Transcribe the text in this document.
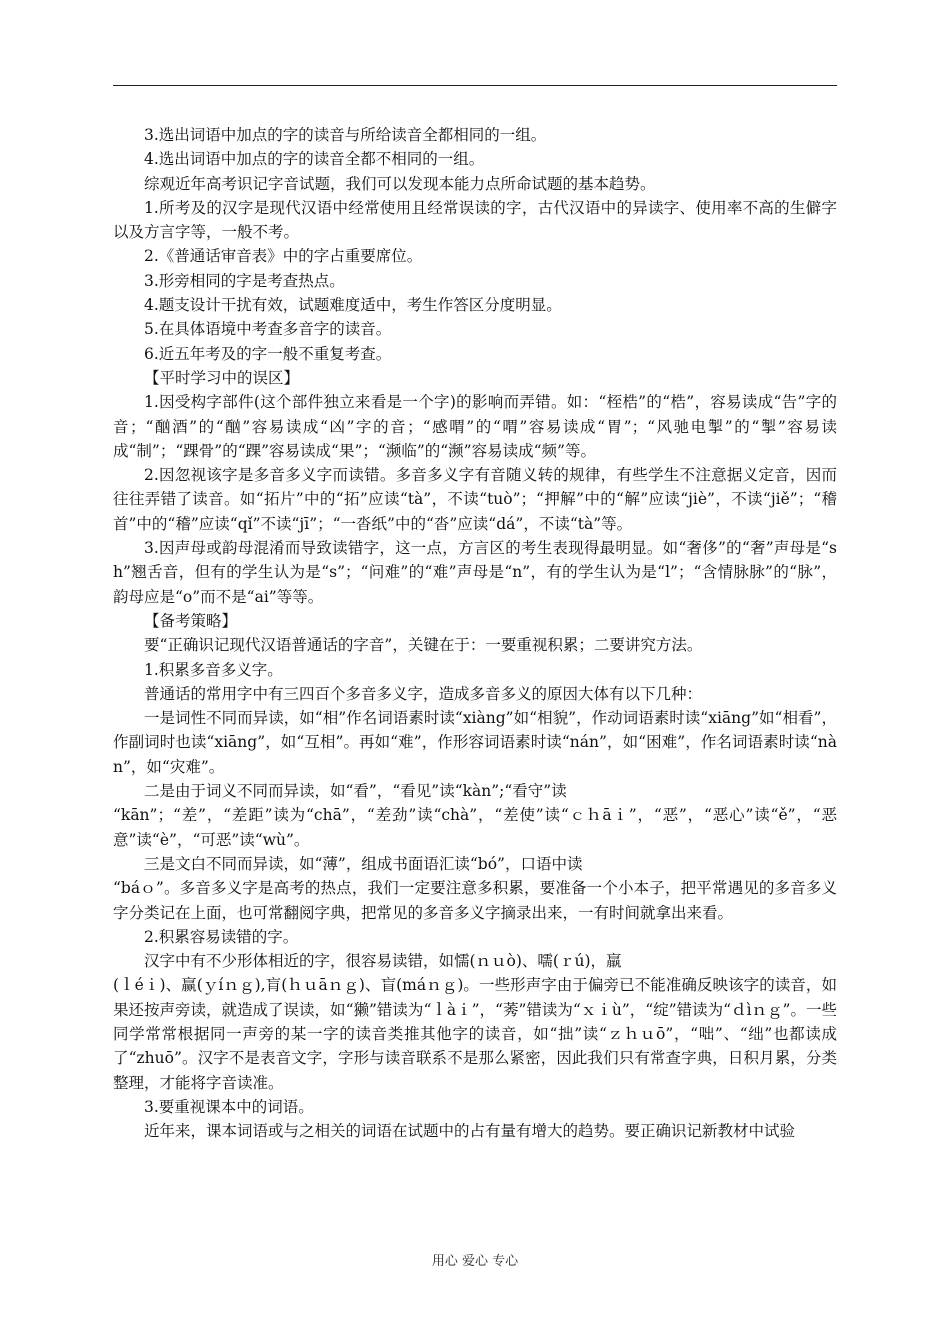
3.选出词语中加点的字的读音与所给读音全都相同的一组。

4.选出词语中加点的字的读音全都不相同的一组。

综观近年高考识记字音试题，我们可以发现本能力点所命试题的基本趋势。

1.所考及的汉字是现代汉语中经常使用且经常误读的字，古代汉语中的异读字、使用率不高的生僻字以及方言字等，一般不考。

2.《普通话审音表》中的字占重要席位。

3.形旁相同的字是考查热点。

4.题支设计干扰有效，试题难度适中，考生作答区分度明显。

5.在具体语境中考查多音字的读音。

6.近五年考及的字一般不重复考查。

【平时学习中的误区】

1.因受构字部件(这个部件独立来看是一个字)的影响而弄错。如：“桎梏”的“梏”，容易读成“告”字的音；“酗酒”的“酗”容易读成“凶”字的音；“感喟”的“喟”容易读成“胃”；“风驰电掣”的“掣”容易读成“制”；“踝骨”的“踝”容易读成“果”；“濒临”的“濒”容易读成“频”等。

2.因忽视该字是多音多义字而读错。多音多义字有音随义转的规律，有些学生不注意据义定音，因而往往弄错了读音。如“拓片”中的“拓”应读“tà”，不读“tuò”；“押解”中的“解”应读“jiè”，不读“jiě”；“稽首”中的“稽”应读“qǐ”不读“jī”；“一沓纸”中的“沓”应读“dá”，不读“tà”等。

3.因声母或韵母混淆而导致读错字，这一点，方言区的考生表现得最明显。如“奢侈”的“奢”声母是“sh”翘舌音，但有的学生认为是“s”；“问难”的“难”声母是“n”，有的学生认为是“l”；“含情脉脉”的“脉”，韵母应是“o”而不是“ai”等等。

【备考策略】

要“正确识记现代汉语普通话的字音”，关键在于：一要重视积累；二要讲究方法。

1.积累多音多义字。

普通话的常用字中有三四百个多音多义字，造成多音多义的原因大体有以下几种：

一是词性不同而异读，如“相”作名词语素时读“xiàng”如“相貌”，作动词语素时读“xiāng”如“相看”，作副词时也读“xiāng”，如“互相”。再如“难”，作形容词语素时读“nán”，如“困难”，作名词语素时读“nàn”，如“灾难”。

二是由于词义不同而异读，如“看”，“看见”读“kàn”;“看守”读

“kān”；“差”，“差距”读为“chā”，“差劲”读“chà”，“差使”读“ｃｈāｉ”，“恶”，“恶心”读“ě”，“恶意”读“è”，“可恶”读“wù”。

三是文白不同而异读，如“薄”，组成书面语汇读“bó”，口语中读

“báｏ”。多音多义字是高考的热点，我们一定要注意多积累，要准备一个小本子，把平常遇见的多音多义字分类记在上面，也可常翻阅字典，把常见的多音多义字摘录出来，一有时间就拿出来看。

2.积累容易读错的字。

汉字中有不少形体相近的字，很容易读错，如懦(ｎｕò)、嚅(ｒú)，羸

(ｌéｉ)、赢(ｙíｎｇ),肓(ｈｕāｎｇ)、盲(máｎｇ)。一些形声字由于偏旁已不能准确反映该字的读音，如果还按声旁读，就造成了误读，如“獭”错读为“ｌàｉ”，“莠”错读为“ｘｉù”，“绽”错读为“ｄìｎｇ”。一些同学常常根据同一声旁的某一字的读音类推其他字的读音，如“拙”读“ｚｈｕō”，“咄”、“绌”也都读成了“zhuō”。汉字不是表音文字，字形与读音联系不是那么紧密，因此我们只有常查字典，日积月累，分类整理，才能将字音读准。

3.要重视课本中的词语。

近年来，课本词语或与之相关的词语在试题中的占有量有增大的趋势。要正确识记新教材中试验

用心 爱心 专心
